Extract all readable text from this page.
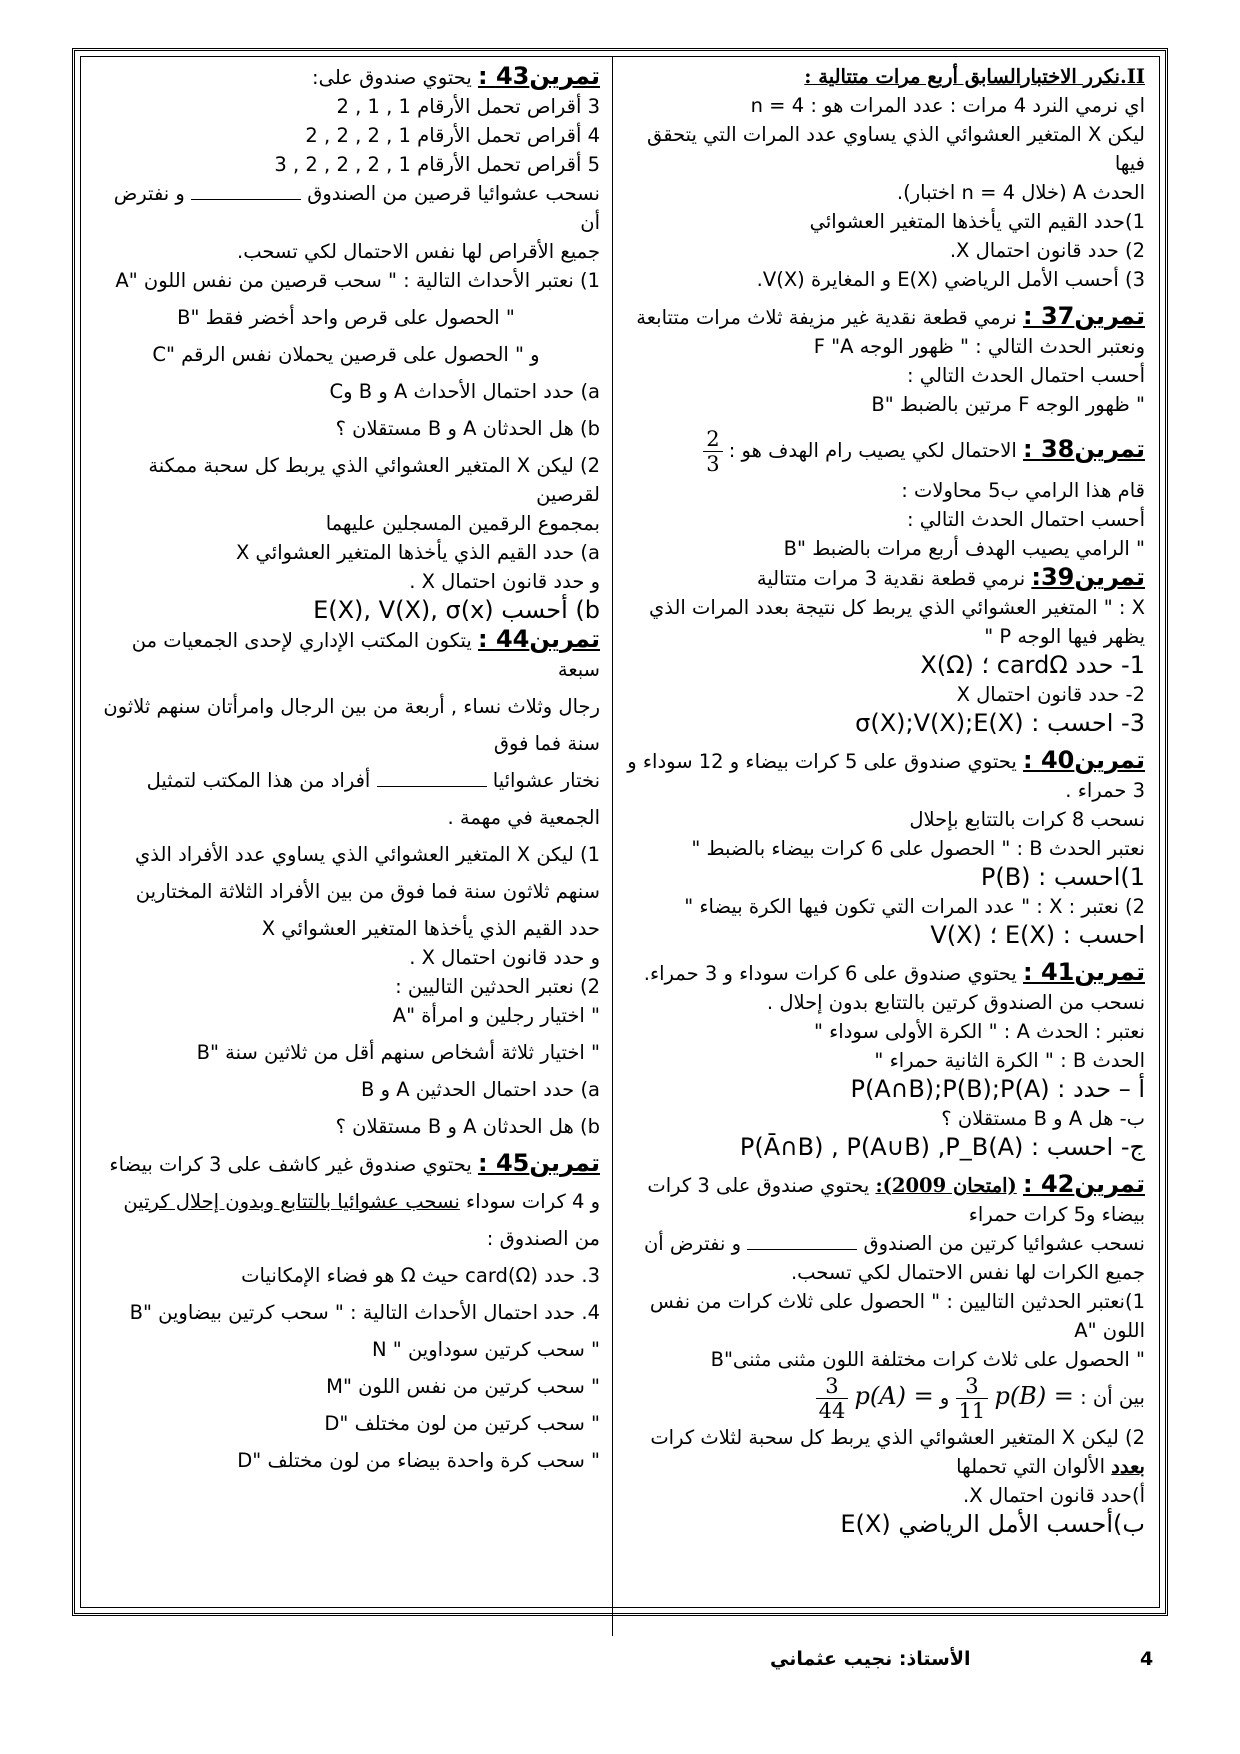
II.نكرر الاختبارالسابق أربع مرات متتالية :

اي نرمي النرد 4 مرات : عدد المرات هو : n = 4

ليكن X المتغير العشوائي الذي يساوي عدد المرات التي يتحقق فيها

الحدث A (خلال n = 4 اختبار).

1)حدد القيم التي يأخذها المتغير العشوائي

2) حدد قانون احتمال X.

3) أحسب الأمل الرياضي E(X) و المغايرة V(X).

تمرين37 : نرمي قطعة نقدية غير مزيفة ثلاث مرات متتابعة

ونعتبر الحدث التالي : " ظهور الوجه F "A

أحسب احتمال الحدث التالي :

" ظهور الوجه F مرتين بالضبط "B

تمرين38 : الاحتمال لكي يصيب رام الهدف هو :
$\frac{2}{3}$

قام هذا الرامي ب5 محاولات :

أحسب احتمال الحدث التالي :

" الرامي يصيب الهدف أربع مرات بالضبط "B

تمرين39: نرمي قطعة نقدية 3 مرات متتالية

X : " المتغير العشوائي الذي يربط كل نتيجة بعدد المرات الذي

يظهر فيها الوجه P "

1- حدد cardΩ ؛ X(Ω)

2- حدد قانون احتمال X

3- احسب : σ(X);V(X);E(X)

تمرين40 : يحتوي صندوق على 5 كرات بيضاء و 12 سوداء و

3 حمراء .

نسحب 8 كرات بالتتابع بإحلال

نعتبر الحدث B : " الحصول على 6 كرات بيضاء بالضبط "

1)احسب : P(B)

2) نعتبر : X : " عدد المرات التي تكون فيها الكرة بيضاء "

احسب : E(X) ؛ V(X)

تمرين41 : يحتوي صندوق على 6 كرات سوداء و 3 حمراء.

نسحب من الصندوق كرتين بالتتابع بدون إحلال .

نعتبر : الحدث A : " الكرة الأولى سوداء "

الحدث B : " الكرة الثانية حمراء "

أ – حدد : P(A∩B);P(B);P(A)

ب- هل A و B مستقلان ؟

ج- احسب : P(Ā∩B) , P(A∪B) ,P_B(A)

تمرين42 : (امتحان 2009): يحتوي صندوق على 3 كرات

بيضاء و5 كرات حمراء

نسحب عشوائيا كرتين من الصندوق  و نفترض أن

جميع الكرات لها نفس الاحتمال لكي تسحب.

1)نعتبر الحدثين التاليين : " الحصول على ثلاث كرات من نفس

اللون "A

" الحصول على ثلاث كرات مختلفة اللون مثنى مثنى"B

بين أن : p(B) =
$\frac{3}{11}$
و p(A) =
$\frac{3}{44}$

2) ليكن X المتغير العشوائي الذي يربط كل سحبة لثلاث كرات

بعدد الألوان التي تحملها

أ)حدد قانون احتمال X.

ب)أحسب الأمل الرياضي E(X)

تمرين43 : يحتوي صندوق على:

3 أقراص تحمل الأرقام 1 , 1 , 2

4 أقراص تحمل الأرقام 1 , 2 , 2 , 2

5 أقراص تحمل الأرقام 1 , 2 , 2 , 2 , 3

نسحب عشوائيا قرصين من الصندوق  و نفترض أن

جميع الأقراص لها نفس الاحتمال لكي تسحب.

1) نعتبر الأحداث التالية : " سحب قرصين من نفس اللون "A

" الحصول على قرص واحد أخضر فقط "B

و " الحصول على قرصين يحملان نفس الرقم "C

a) حدد احتمال الأحداث A و B وC

b) هل الحدثان A و B مستقلان ؟

2) ليكن X المتغير العشوائي الذي يربط كل سحبة ممكنة لقرصين

بمجموع الرقمين المسجلين عليهما

a) حدد القيم الذي يأخذها المتغير العشوائي X

و حدد قانون احتمال X .

b) أحسب E(X), V(X), σ(x)

تمرين44 : يتكون المكتب الإداري لإحدى الجمعيات من سبعة

رجال وثلاث نساء , أربعة من بين الرجال وامرأتان سنهم ثلاثون

سنة فما فوق

نختار عشوائيا  أفراد من هذا المكتب لتمثيل

الجمعية في مهمة .

1) ليكن X المتغير العشوائي الذي يساوي عدد الأفراد الذي

سنهم ثلاثون سنة فما فوق من بين الأفراد الثلاثة المختارين

حدد القيم الذي يأخذها المتغير العشوائي X

و حدد قانون احتمال X .

2) نعتبر الحدثين التاليين :

" اختيار رجلين و امرأة "A

" اختيار ثلاثة أشخاص سنهم أقل من ثلاثين سنة "B

a) حدد احتمال الحدثين A و B

b) هل الحدثان A و B مستقلان ؟

تمرين45 : يحتوي صندوق غير كاشف على 3 كرات بيضاء

و 4 كرات سوداء نسحب عشوائيا بالتتابع وبدون إحلال كرتين

من الصندوق :

3. حدد card(Ω) حيث Ω هو فضاء الإمكانيات

4. حدد احتمال الأحداث التالية : " سحب كرتين بيضاوين "B

" سحب كرتين سوداوين " N

" سحب كرتين من نفس اللون "M

" سحب كرتين من لون مختلف "D

" سحب كرة واحدة بيضاء من لون مختلف "D

4
الأستاذ: نجيب عثماني
